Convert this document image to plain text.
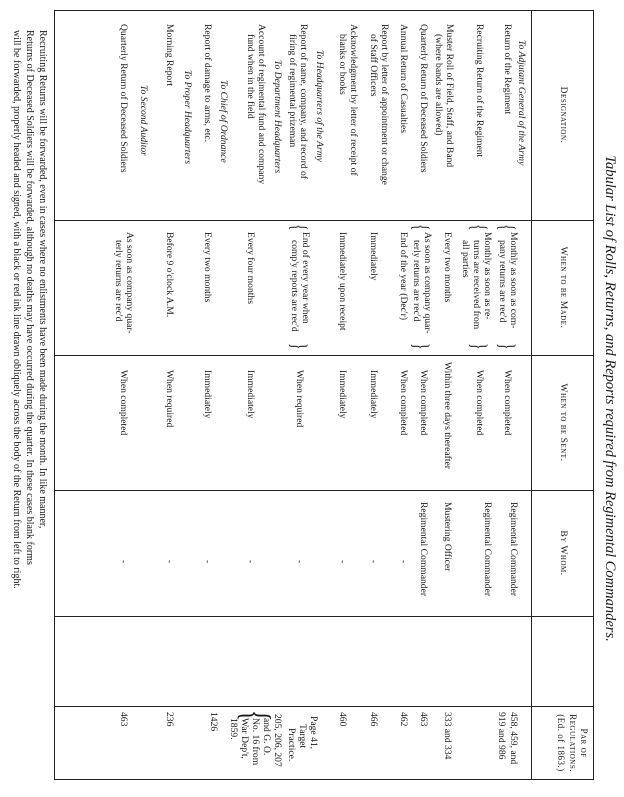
Tabular List of Rolls, Returns, and Reports required from Regimental Commanders.
Designation.
When to be Made.
When to be Sent.
By Whom.
Par of
Regulations.
(Ed. of 1863.)
To Adjutant General of the Army
Return of the Regiment
{
Monthly as soon as com-
pany returns are rec'd
}
When completed
Regimental Commander
458, 459, and
Recruiting Return of the Regiment
{
Monthly as soon as re-
turns are received from
all parties
}
When completed
Regimental Commander
919 and 986
Muster Roll of Field, Staff, and Band
(where bands are allowed)
Every two months
Within three days thereafter
Mustering Officer
333 and 334
Quarterly Return of Deceased Soldiers
{
As soon as company quar-
terly returns are rec'd
}
When completed
Regimental Commander
463
Annual Return of Casualties
End of the year (Dec'r)
When completed
-
462
Report by letter of appointment or change
of Staff Officers
Immediately
Immediately
-
466
Acknowledgment by letter of receipt of
blanks or books
Immediately upon receipt
Immediately
-
460
To Headquarters of the Army
Report of name, company, and record of
firing of regimental prizeman
{
End of every year when
comp'y reports are rec'd
}
When required
-
Page 41,
Target
Practice.
To Department Headquarters
Account of regimental fund and company
fund when in the field
Every four months
Immediately
-
{
205, 206, 207
and G. O.
No. 16 from
War Dep't,
1859.
To Chief of Ordnance
Report of damage to arms, etc.
Every two months
Immediately
-
1426
To Proper Headquarters
Morning Report
Before 9 o'clock A.M.
When required
-
236
To Second Auditor
Quarterly Return of Deceased Soldiers
As soon as company quar-
terly returns are rec'd
When completed
-
463
Recruiting Returns will be forwarded, even in cases where no enlistments have been made during the month. In like manner,
Returns of Deceased Soldiers will be forwarded, although no deaths may have occurred during the quarter. In these cases blank forms
will be forwarded, properly headed and signed, with a black or red ink line drawn obliquely across the body of the Return from left to right.
